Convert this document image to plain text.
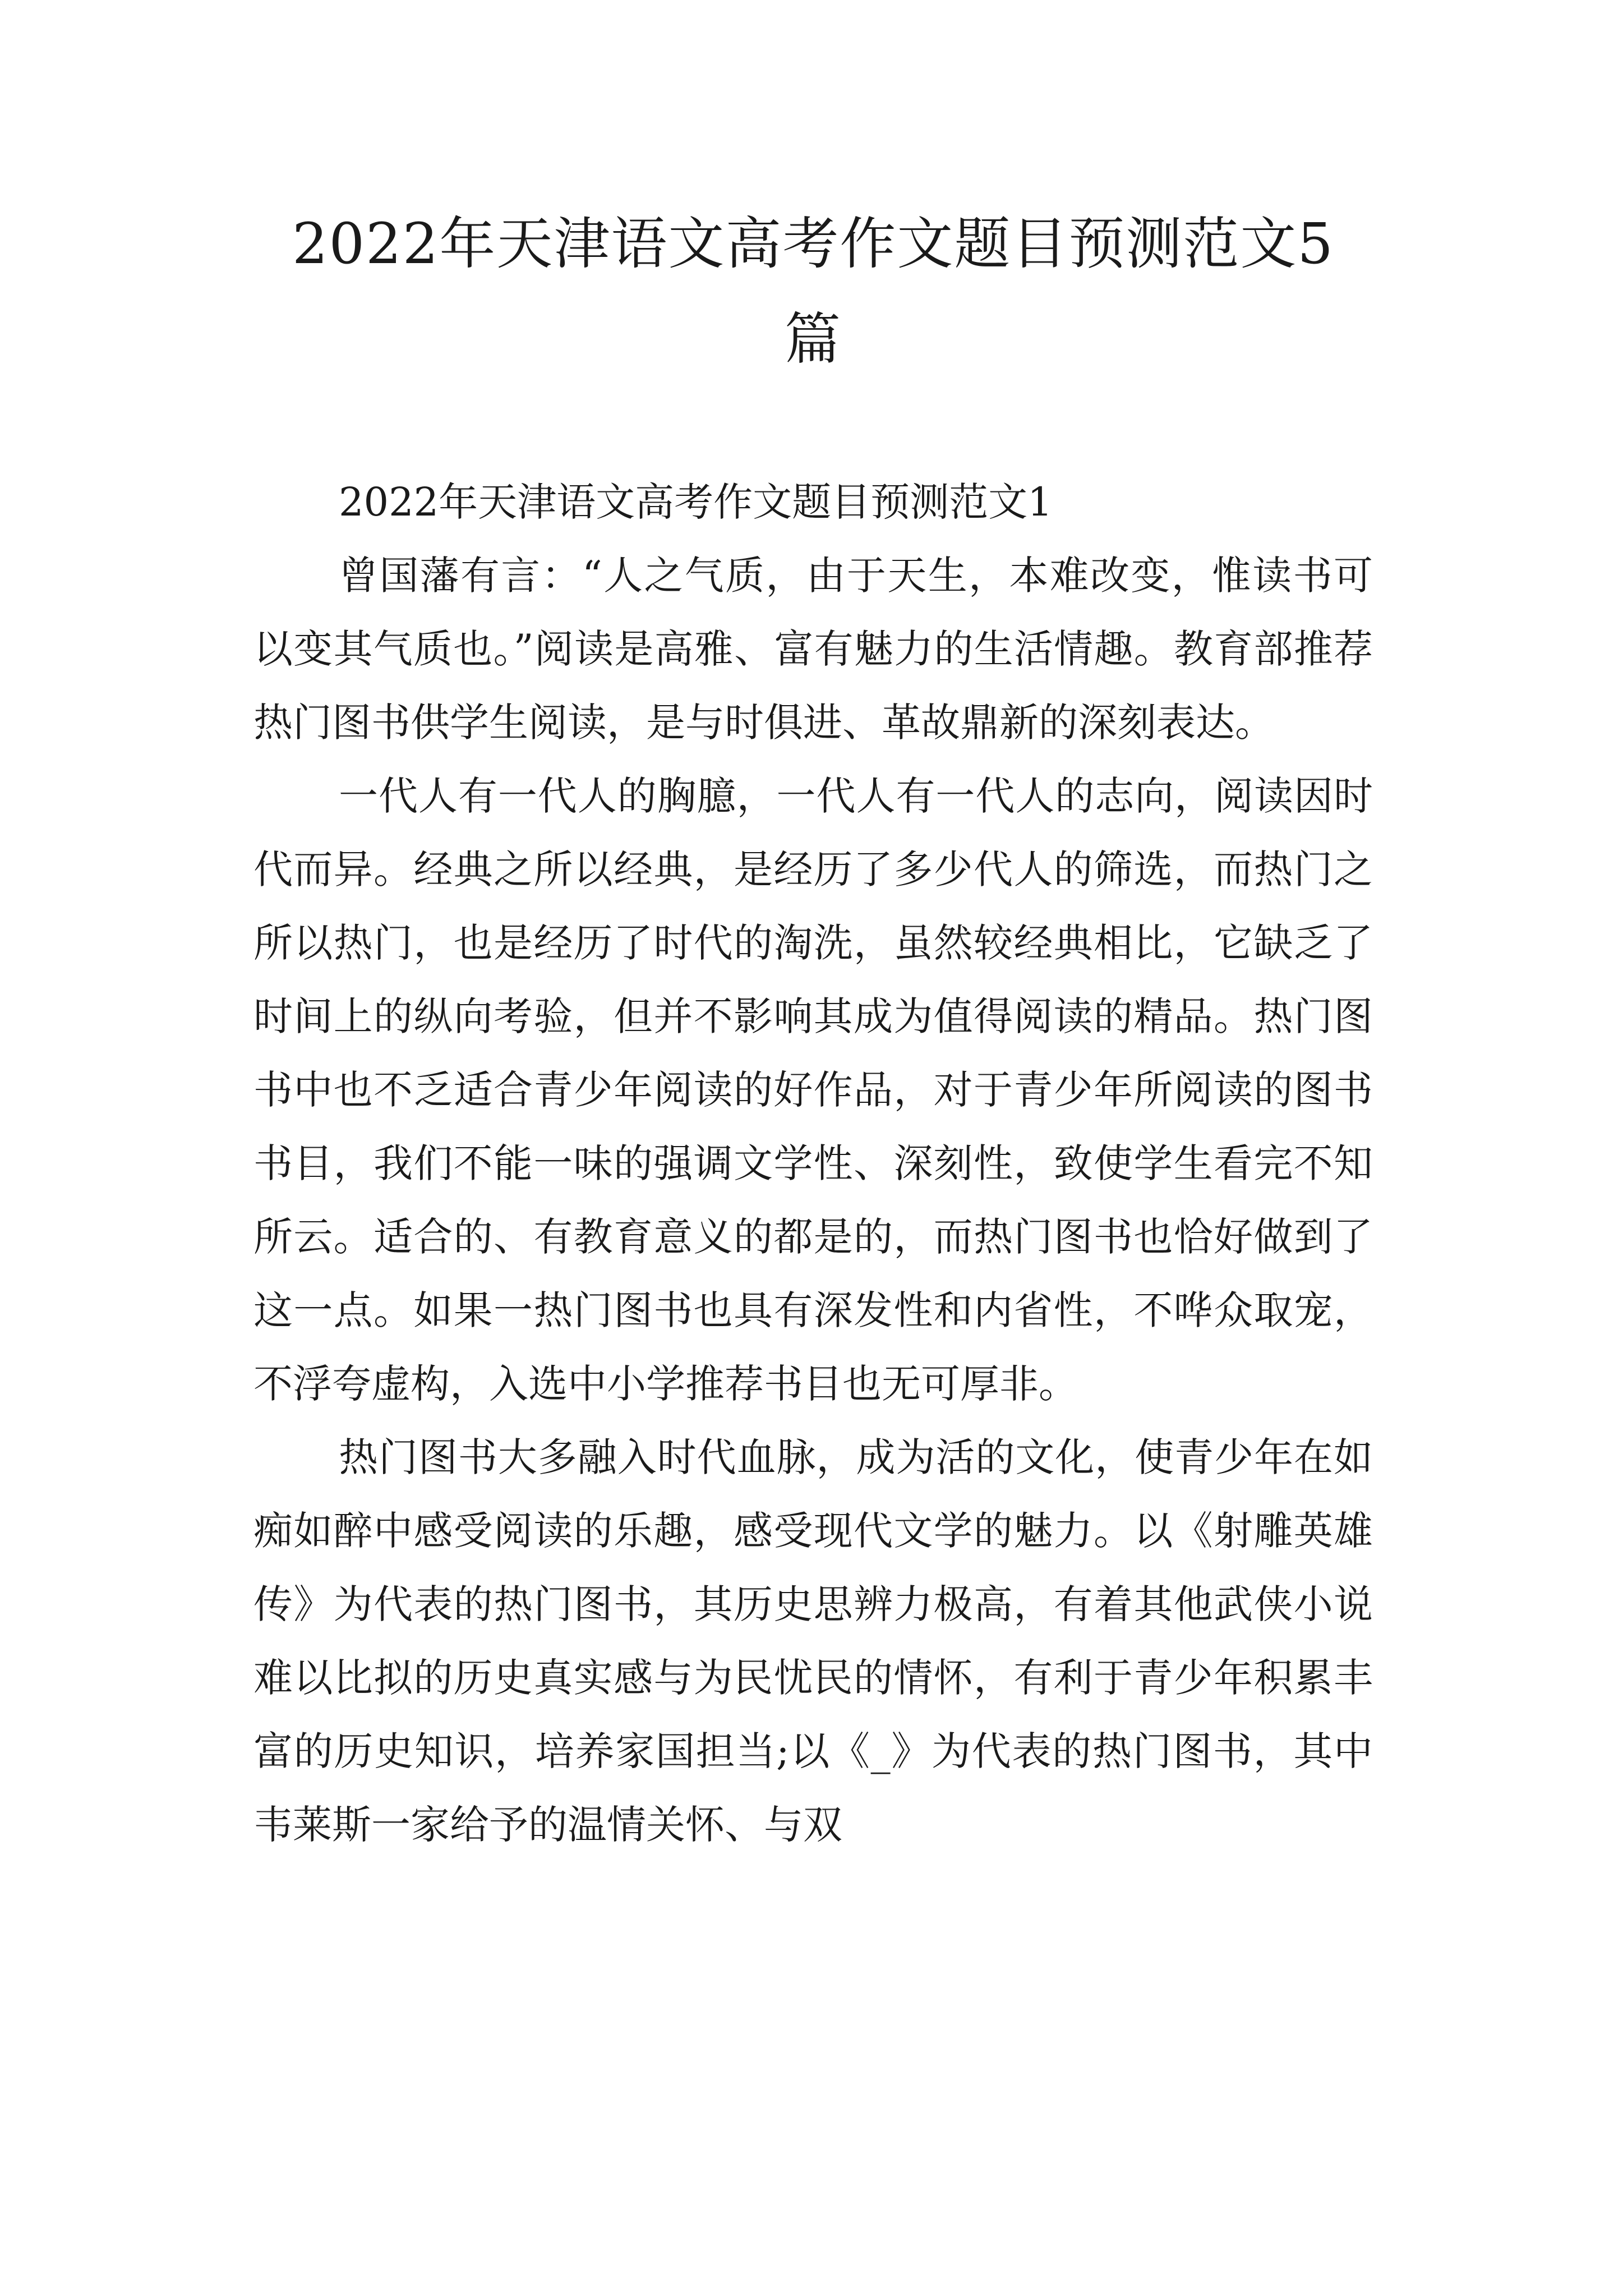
2022年天津语文高考作文题目预测范文5
篇

2022年天津语文高考作文题目预测范文1

曾国藩有言：“人之气质，由于天生，本难改变，惟读书可以变其气质也。”阅读是高雅、富有魅力的生活情趣。教育部推荐热门图书供学生阅读，是与时俱进、革故鼎新的深刻表达。

一代人有一代人的胸臆，一代人有一代人的志向，阅读因时代而异。经典之所以经典，是经历了多少代人的筛选，而热门之所以热门，也是经历了时代的淘洗，虽然较经典相比，它缺乏了时间上的纵向考验，但并不影响其成为值得阅读的精品。热门图书中也不乏适合青少年阅读的好作品，对于青少年所阅读的图书书目，我们不能一味的强调文学性、深刻性，致使学生看完不知所云。适合的、有教育意义的都是的，而热门图书也恰好做到了这一点。如果一热门图书也具有深发性和内省性，不哗众取宠，不浮夸虚构，入选中小学推荐书目也无可厚非。

热门图书大多融入时代血脉，成为活的文化，使青少年在如痴如醉中感受阅读的乐趣，感受现代文学的魅力。以《射雕英雄传》为代表的热门图书，其历史思辨力极高，有着其他武侠小说难以比拟的历史真实感与为民忧民的情怀，有利于青少年积累丰富的历史知识，培养家国担当;以《_》为代表的热门图书，其中韦莱斯一家给予的温情关怀、与双
